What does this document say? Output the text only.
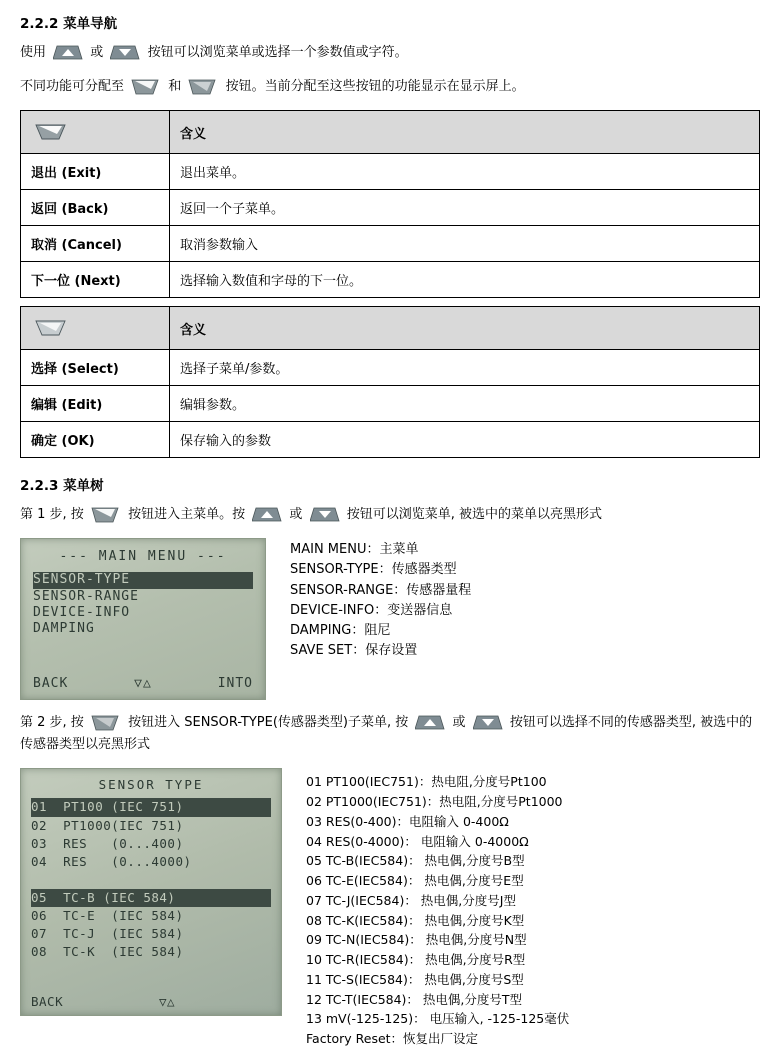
2.2.2 菜单导航

使用	或	按钮可以浏览菜单或选择一个参数值或字符。

不同功能可分配至	和	按钮。当前分配至这些按钮的功能显示在显示屏上。

	含义
退出 (Exit)	退出菜单。
返回 (Back)	返回一个子菜单。
取消 (Cancel)	取消参数输入
下一位 (Next)	选择输入数值和字母的下一位。
	含义
选择 (Select)	选择子菜单/参数。
编辑 (Edit)	编辑参数。
确定 (OK)	保存输入的参数
2.2.3 菜单树

第 1 步, 按	按钮进入主菜单。按	或	按钮可以浏览菜单, 被选中的菜单以亮黑形式

--- MAIN MENU ---
SENSOR-TYPE
SENSOR-RANGE
DEVICE-INFO
DAMPING
BACK	▽△	INTO
MAIN MENU：主菜单
SENSOR-TYPE：传感器类型
SENSOR-RANGE：传感器量程
DEVICE-INFO：变送器信息
DAMPING：阻尼
SAVE SET：保存设置

第 2 步, 按	按钮进入 SENSOR-TYPE(传感器类型)子菜单, 按	或	按钮可以选择不同的传感器类型, 被选中的
传感器类型以亮黑形式

SENSOR TYPE
01  PT100 (IEC 751)
02  PT1000(IEC 751)
03  RES   (0...400)
04  RES   (0...4000)

05  TC-B (IEC 584)
06  TC-E  (IEC 584)
07  TC-J  (IEC 584)
08  TC-K  (IEC 584)
BACK	▽△
01 PT100(IEC751)：热电阻,分度号Pt100
02 PT1000(IEC751)：热电阻,分度号Pt1000
03 RES(0-400)：电阻输入 0-400Ω
04 RES(0-4000)： 电阻输入 0-4000Ω
05 TC-B(IEC584)： 热电偶,分度号B型
06 TC-E(IEC584)： 热电偶,分度号E型
07 TC-J(IEC584)： 热电偶,分度号J型
08 TC-K(IEC584)： 热电偶,分度号K型
09 TC-N(IEC584)： 热电偶,分度号N型
10 TC-R(IEC584)： 热电偶,分度号R型
11 TC-S(IEC584)： 热电偶,分度号S型
12 TC-T(IEC584)： 热电偶,分度号T型
13 mV(-125-125)： 电压输入, -125-125毫伏
Factory Reset：恢复出厂设定
